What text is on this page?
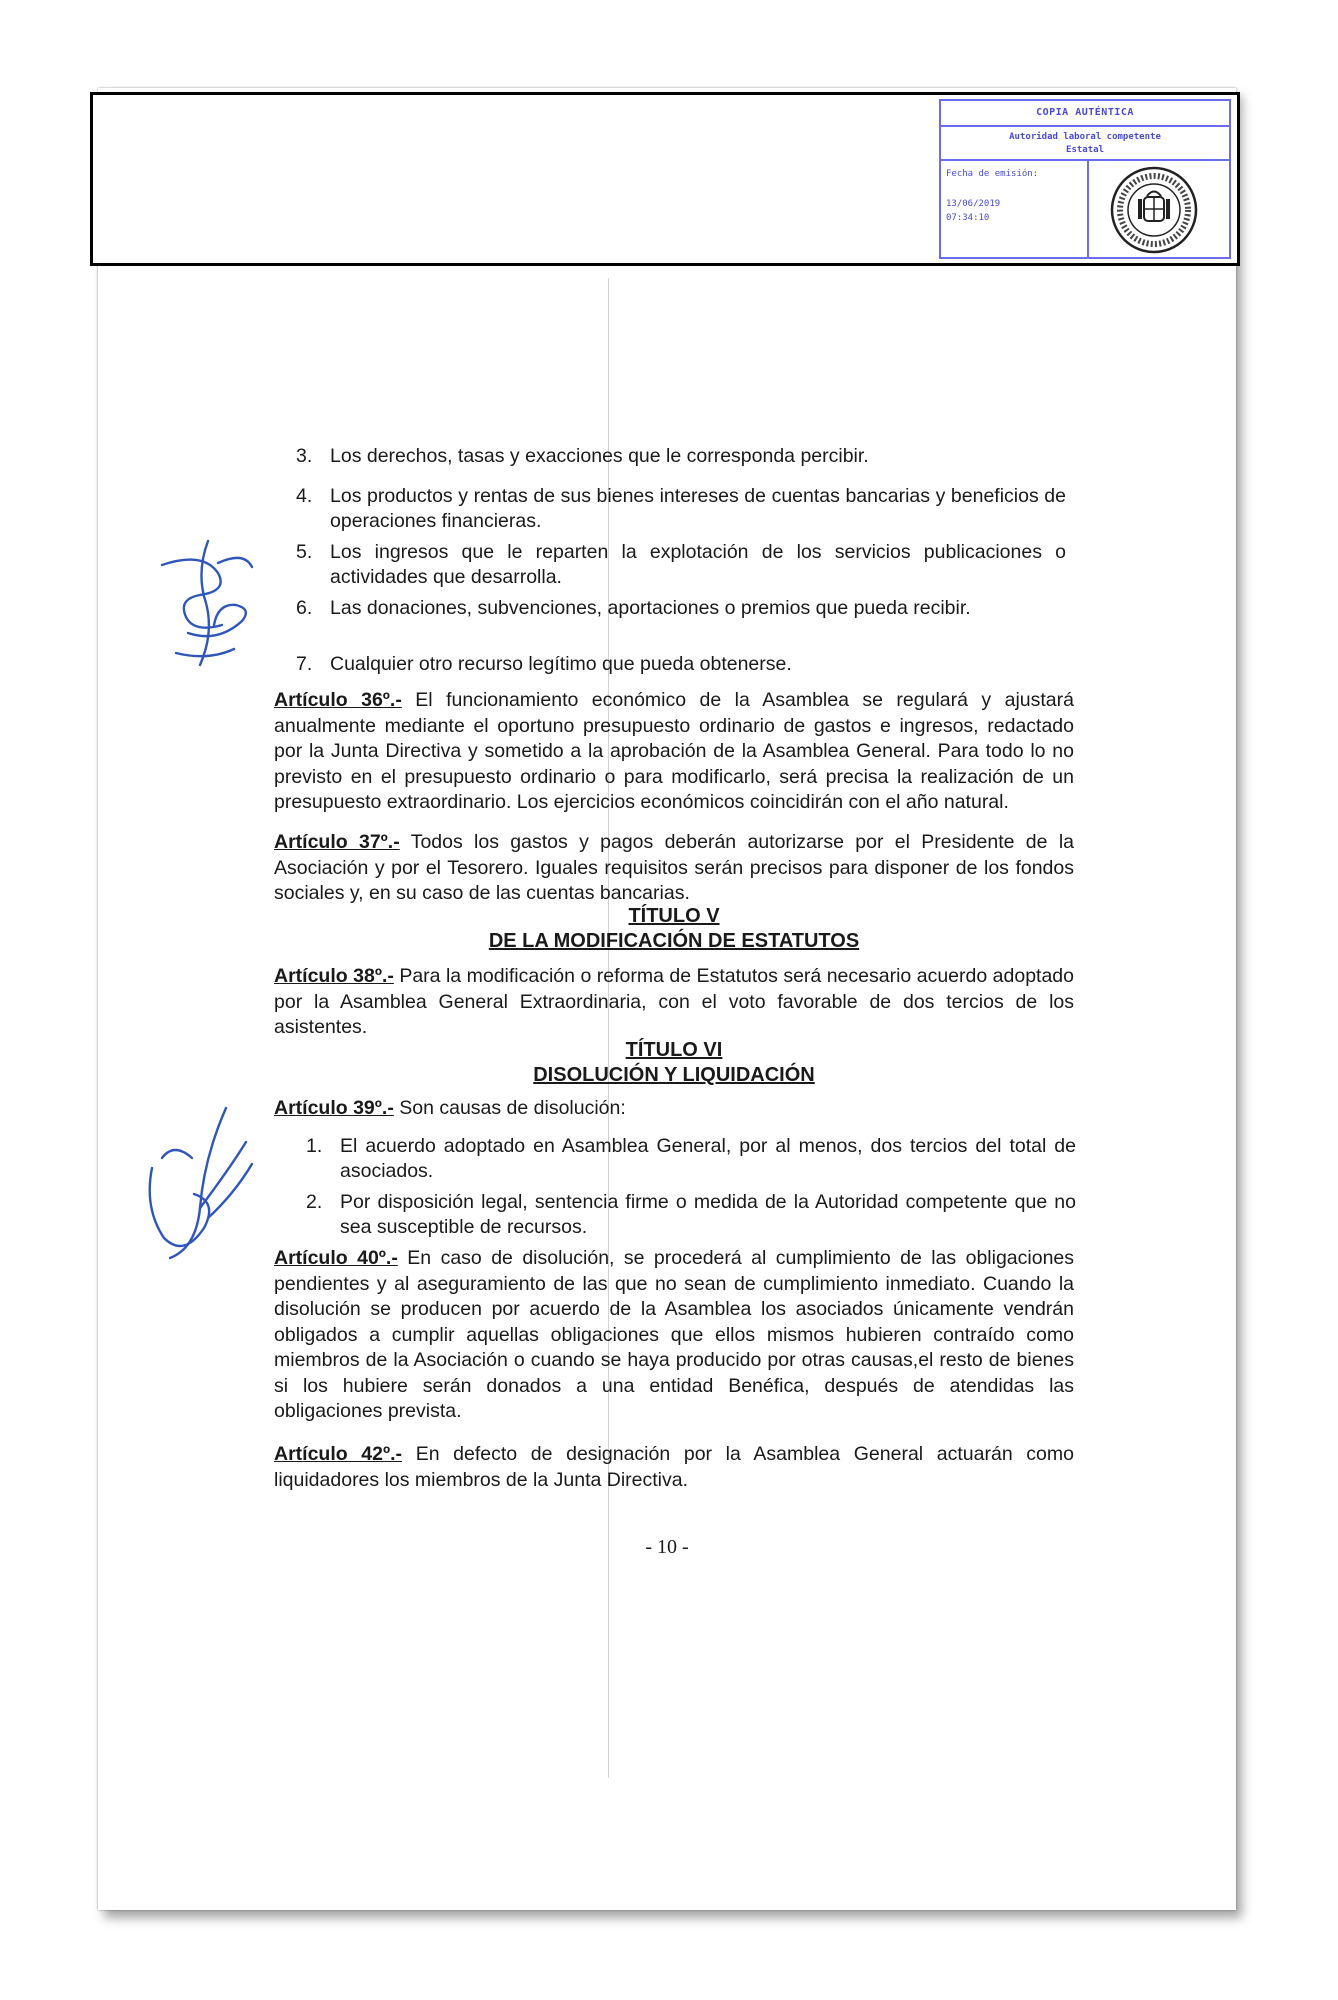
COPIA AUTÉNTICA
Autoridad laboral competente
Estatal
Fecha de emisión:
13/06/2019
07:34:10
3. Los derechos, tasas y exacciones que le corresponda percibir.
4. Los productos y rentas de sus bienes intereses de cuentas bancarias y beneficios de operaciones financieras.
5. Los ingresos que le reparten la explotación de los servicios publicaciones o actividades que desarrolla.
6. Las donaciones, subvenciones, aportaciones o premios que pueda recibir.
7. Cualquier otro recurso legítimo que pueda obtenerse.
Artículo 36º.- El funcionamiento económico de la Asamblea se regulará y ajustará anualmente mediante el oportuno presupuesto ordinario de gastos e ingresos, redactado por la Junta Directiva y sometido a la aprobación de la Asamblea General. Para todo lo no previsto en el presupuesto ordinario o para modificarlo, será precisa la realización de un presupuesto extraordinario. Los ejercicios económicos coincidirán con el año natural.
Artículo 37º.- Todos los gastos y pagos deberán autorizarse por el Presidente de la Asociación y por el Tesorero. Iguales requisitos serán precisos para disponer de los fondos sociales y, en su caso de las cuentas bancarias.
TÍTULO V
DE LA MODIFICACIÓN DE ESTATUTOS
Artículo 38º.- Para la modificación o reforma de Estatutos será necesario acuerdo adoptado por la Asamblea General Extraordinaria, con el voto favorable de dos tercios de los asistentes.
TÍTULO VI
DISOLUCIÓN Y LIQUIDACIÓN
Artículo 39º.- Son causas de disolución:
1. El acuerdo adoptado en Asamblea General, por al menos, dos tercios del total de asociados.
2. Por disposición legal, sentencia firme o medida de la Autoridad competente que no sea susceptible de recursos.
Artículo 40º.- En caso de disolución, se procederá al cumplimiento de las obligaciones pendientes y al aseguramiento de las que no sean de cumplimiento inmediato. Cuando la disolución se producen por acuerdo de la Asamblea los asociados únicamente vendrán obligados a cumplir aquellas obligaciones que ellos mismos hubieren contraído como miembros de la Asociación o cuando se haya producido por otras causas,el resto de bienes si los hubiere serán donados a una entidad Benéfica, después de atendidas las obligaciones prevista.
Artículo 42º.- En defecto de designación por la Asamblea General actuarán como liquidadores los miembros de la Junta Directiva.
- 10 -
